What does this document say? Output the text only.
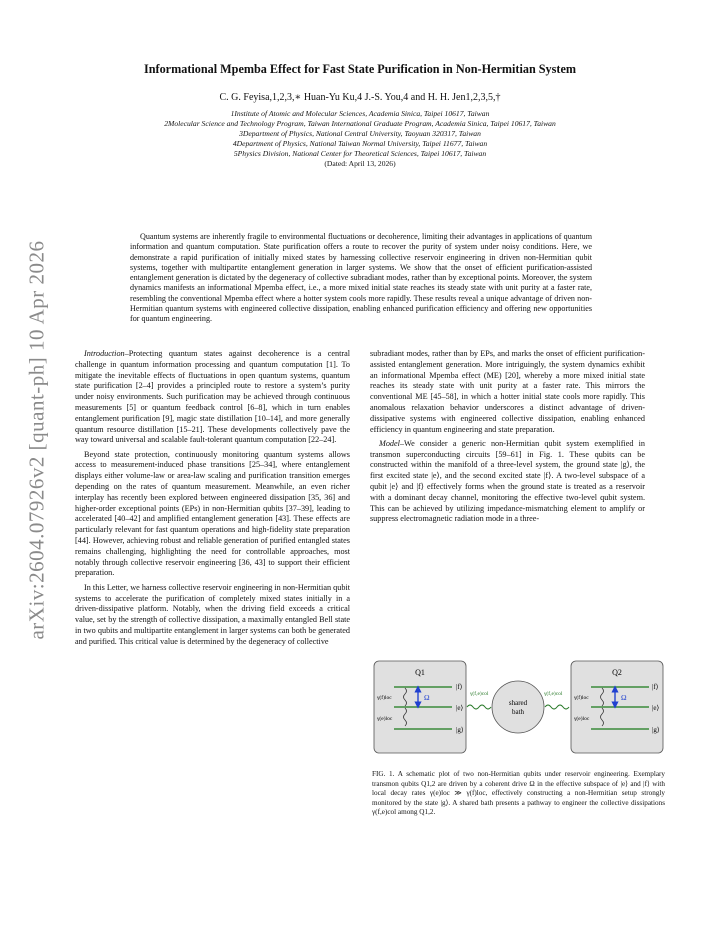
arXiv:2604.07926v2 [quant-ph] 10 Apr 2026
Informational Mpemba Effect for Fast State Purification in Non-Hermitian System
C. G. Feyisa,1,2,3,∗ Huan-Yu Ku,4 J.-S. You,4 and H. H. Jen1,2,3,5,†
1Institute of Atomic and Molecular Sciences, Academia Sinica, Taipei 10617, Taiwan
2Molecular Science and Technology Program, Taiwan International Graduate Program, Academia Sinica, Taipei 10617, Taiwan
3Department of Physics, National Central University, Taoyuan 320317, Taiwan
4Department of Physics, National Taiwan Normal University, Taipei 11677, Taiwan
5Physics Division, National Center for Theoretical Sciences, Taipei 10617, Taiwan
(Dated: April 13, 2026)

Quantum systems are inherently fragile to environmental fluctuations or decoherence, limiting their advantages in applications of quantum information and quantum computation. State purification offers a route to recover the purity of system under noisy conditions. Here, we demonstrate a rapid purification of initially mixed states by harnessing collective reservoir engineering in driven non-Hermitian qubit systems, together with multipartite entanglement generation in larger systems. We show that the onset of efficient purification-assisted entanglement generation is dictated by the degeneracy of collective subradiant modes, rather than by exceptional points. Moreover, the system dynamics manifests an informational Mpemba effect, i.e., a more mixed initial state reaches its steady state with unit purity at a faster rate, resembling the conventional Mpemba effect where a hotter system cools more rapidly. These results reveal a unique advantage of driven non-Hermitian quantum systems with engineered collective dissipation, enabling enhanced purification efficiency and offering new opportunities for quantum engineering.

Introduction–Protecting quantum states against decoherence is a central challenge in quantum information processing and quantum computation [1]. To mitigate the inevitable effects of fluctuations in open quantum systems, quantum state purification [2–4] provides a principled route to restore a system’s purity under noisy environments. Such purification may be achieved through continuous measurements [5] or quantum feedback control [6–8], which in turn enables entanglement purification [9], magic state distillation [10–14], and more generally quantum resource distillation [15–21]. These developments collectively pave the way toward universal and scalable fault-tolerant quantum computation [22–24].

Beyond state protection, continuously monitoring quantum systems allows access to measurement-induced phase transitions [25–34], where entanglement displays either volume-law or area-law scaling and purification transition emerges depending on the rates of quantum measurement. Meanwhile, an even richer interplay has recently been explored between engineered dissipation [35, 36] and higher-order exceptional points (EPs) in non-Hermitian qubits [37–39], leading to accelerated [40–42] and amplified entanglement generation [43]. These effects are particularly relevant for fast quantum operations and high-fidelity state preparation [44]. However, achieving robust and reliable generation of purified entangled states remains challenging, highlighting the need for controllable approaches, most notably through collective reservoir engineering [36, 43] to support their efficient preparation.

In this Letter, we harness collective reservoir engineering in non-Hermitian qubit systems to accelerate the purification of completely mixed states initially in a driven-dissipative platform. Notably, when the driving field exceeds a critical value, set by the strength of collective dissipation, a maximally entangled Bell state in two qubits and multipartite entanglement in larger systems can both be generated and purified. This critical value is determined by the degeneracy of collective

subradiant modes, rather than by EPs, and marks the onset of efficient purification-assisted entanglement generation. More intriguingly, the system dynamics exhibit an informational Mpemba effect (ME) [20], whereby a more mixed initial state reaches its steady state with unit purity at a faster rate. This mirrors the conventional ME [45–58], in which a hotter initial state cools more rapidly. This anomalous relaxation behavior underscores a distinct advantage of driven-dissipative systems with engineered collective dissipation, enabling enhanced efficiency in quantum engineering and state preparation.

Model–We consider a generic non-Hermitian qubit system exemplified in transmon superconducting circuits [59–61] in Fig. 1. These qubits can be constructed within the manifold of a three-level system, the ground state |g⟩, the first excited state |e⟩, and the second excited state |f⟩. A two-level subspace of a qubit |e⟩ and |f⟩ effectively forms when the ground state is treated as a reservoir with a dominant decay channel, monitoring the effective two-level qubit system. This can be achieved by utilizing impedance-mismatching element to amplify or suppress electromagnetic radiation mode in a three-

Q1
|f⟩
|e⟩
|g⟩
Ω
γ(f)loc
γ(e)loc
γ(f,e)col
shared
bath
γ(f,e)col
Q2
|f⟩
|e⟩
|g⟩
Ω
γ(f)loc
γ(e)loc
FIG. 1. A schematic plot of two non-Hermitian qubits under reservoir engineering. Exemplary transmon qubits Q1,2 are driven by a coherent drive Ω in the effective subspace of |e⟩ and |f⟩ with local decay rates γ(e)loc ≫ γ(f)loc, effectively constructing a non-Hermitian setup strongly monitored by the state |g⟩. A shared bath presents a pathway to engineer the collective dissipations γ(f,e)col among Q1,2.
